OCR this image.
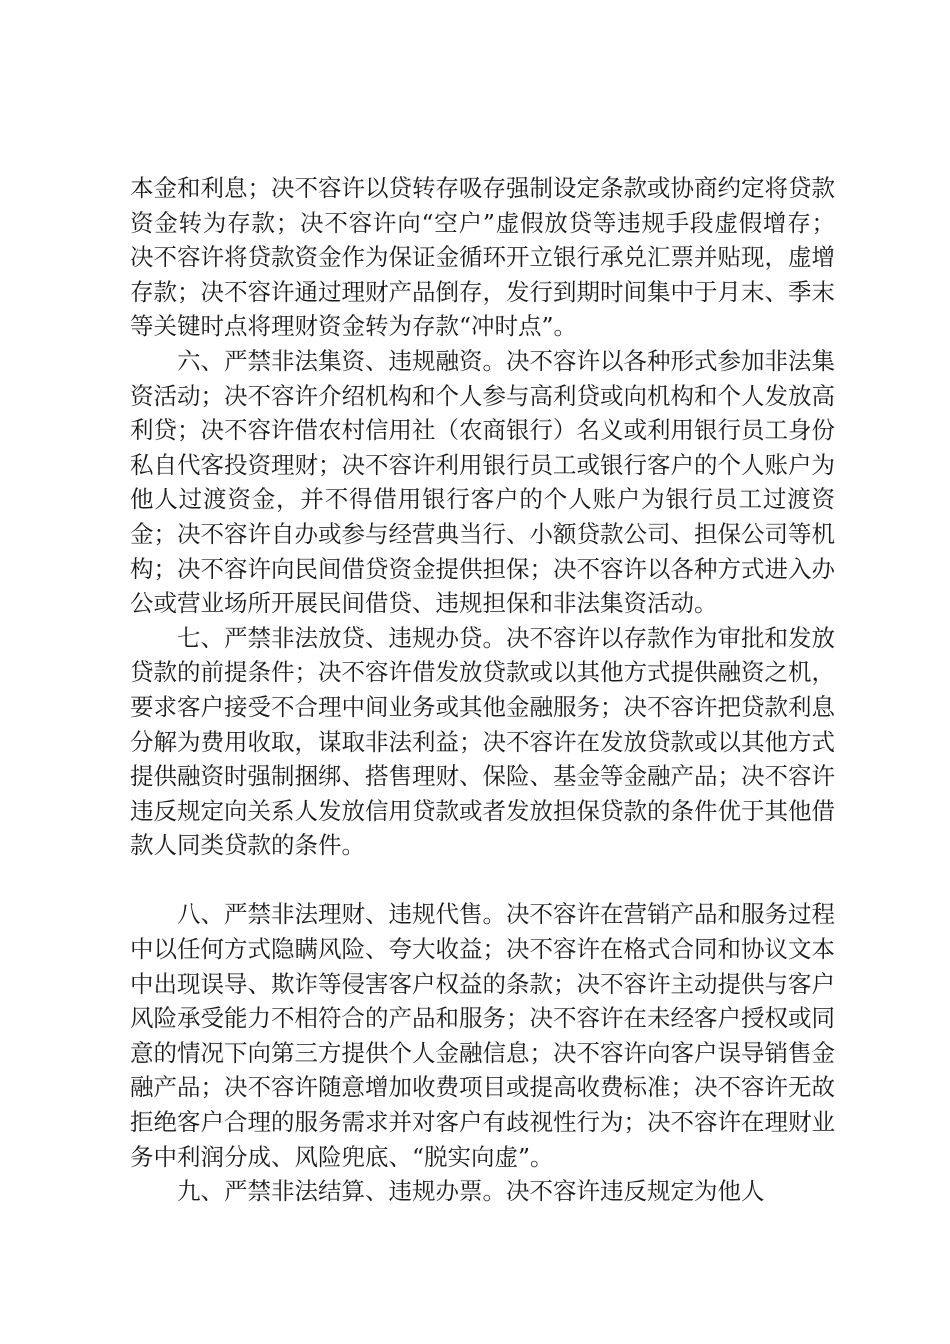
本金和利息；决不容许以贷转存吸存强制设定条款或协商约定将贷款资金转为存款；决不容许向“空户”虚假放贷等违规手段虚假增存；决不容许将贷款资金作为保证金循环开立银行承兑汇票并贴现，虚增存款；决不容许通过理财产品倒存，发行到期时间集中于月末、季末等关键时点将理财资金转为存款“冲时点”。

六、严禁非法集资、违规融资。决不容许以各种形式参加非法集资活动；决不容许介绍机构和个人参与高利贷或向机构和个人发放高利贷；决不容许借农村信用社（农商银行）名义或利用银行员工身份私自代客投资理财；决不容许利用银行员工或银行客户的个人账户为他人过渡资金，并不得借用银行客户的个人账户为银行员工过渡资金；决不容许自办或参与经营典当行、小额贷款公司、担保公司等机构；决不容许向民间借贷资金提供担保；决不容许以各种方式进入办公或营业场所开展民间借贷、违规担保和非法集资活动。

七、严禁非法放贷、违规办贷。决不容许以存款作为审批和发放贷款的前提条件；决不容许借发放贷款或以其他方式提供融资之机，要求客户接受不合理中间业务或其他金融服务；决不容许把贷款利息分解为费用收取，谋取非法利益；决不容许在发放贷款或以其他方式提供融资时强制捆绑、搭售理财、保险、基金等金融产品；决不容许违反规定向关系人发放信用贷款或者发放担保贷款的条件优于其他借款人同类贷款的条件。

八、严禁非法理财、违规代售。决不容许在营销产品和服务过程中以任何方式隐瞒风险、夸大收益；决不容许在格式合同和协议文本中出现误导、欺诈等侵害客户权益的条款；决不容许主动提供与客户风险承受能力不相符合的产品和服务；决不容许在未经客户授权或同意的情况下向第三方提供个人金融信息；决不容许向客户误导销售金融产品；决不容许随意增加收费项目或提高收费标准；决不容许无故拒绝客户合理的服务需求并对客户有歧视性行为；决不容许在理财业务中利润分成、风险兜底、“脱实向虚”。

九、严禁非法结算、违规办票。决不容许违反规定为他人
